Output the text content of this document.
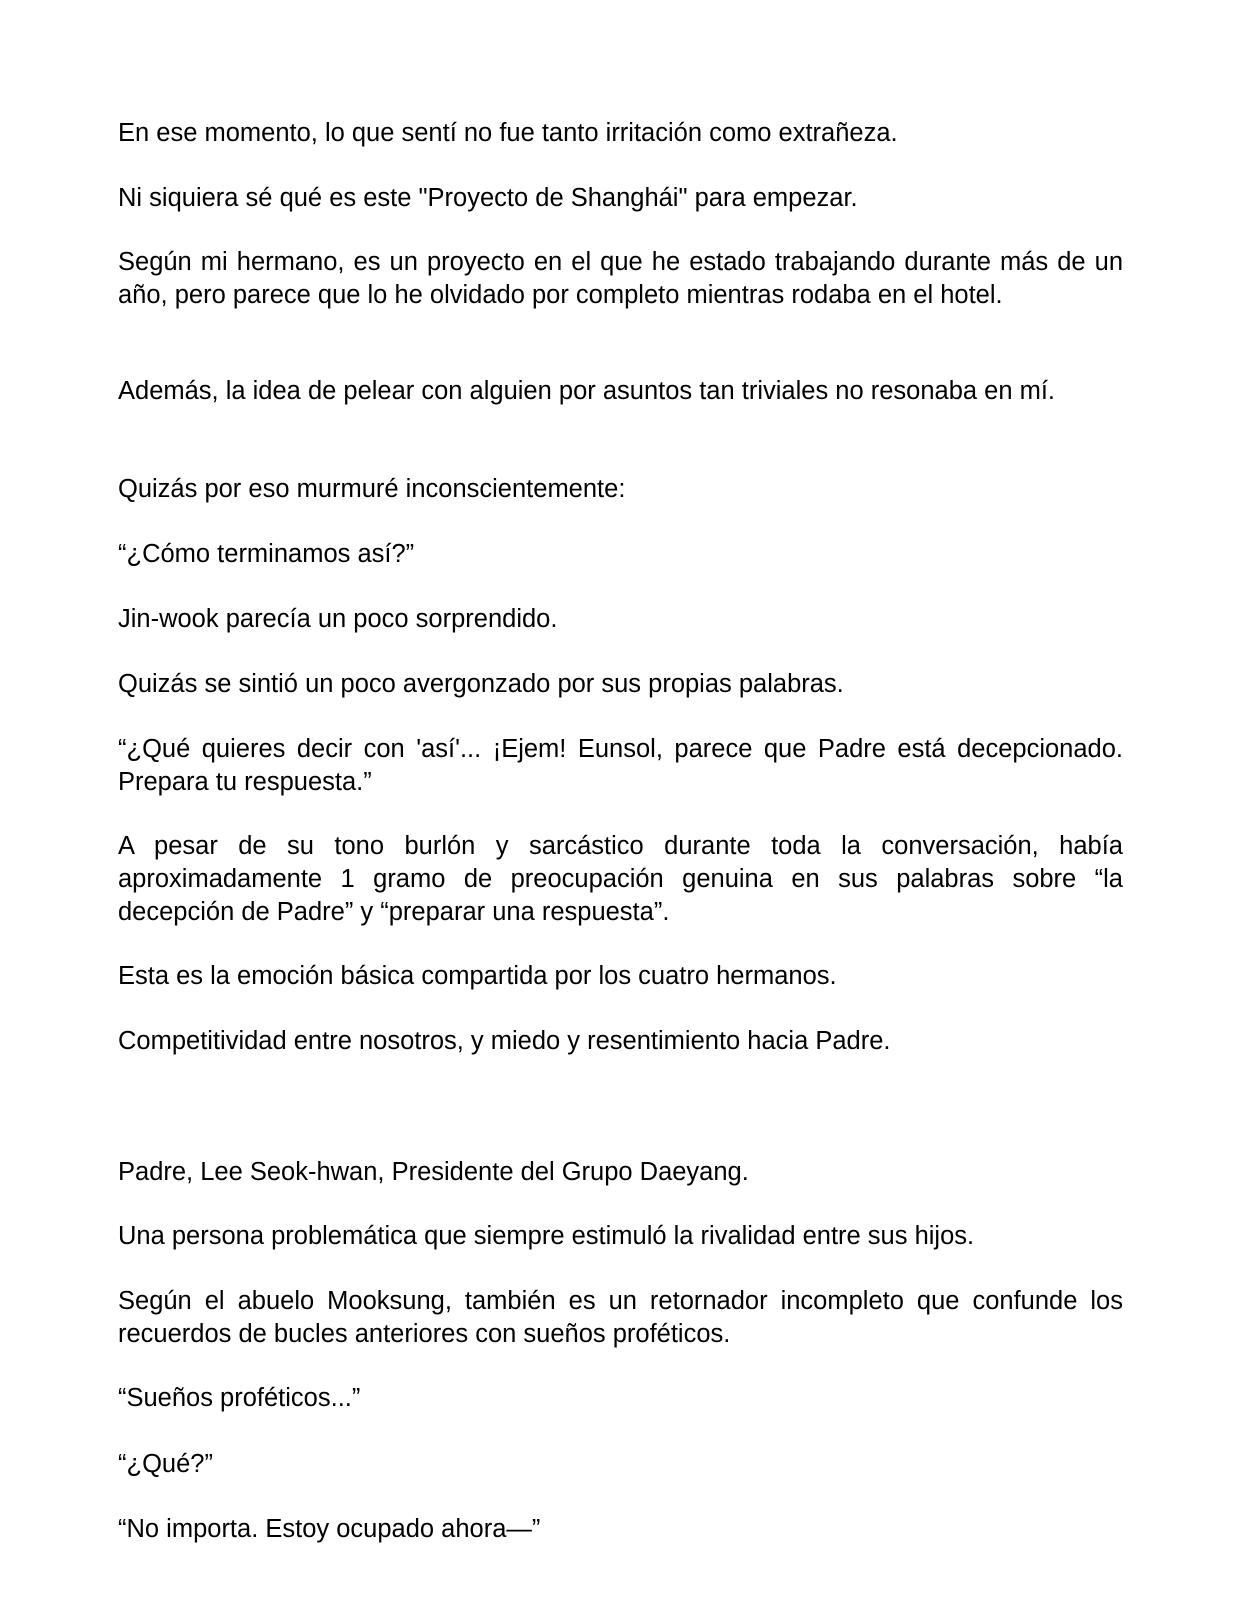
En ese momento, lo que sentí no fue tanto irritación como extrañeza.

Ni siquiera sé qué es este "Proyecto de Shanghái" para empezar.

Según mi hermano, es un proyecto en el que he estado trabajando durante más de un año, pero parece que lo he olvidado por completo mientras rodaba en el hotel.

Además, la idea de pelear con alguien por asuntos tan triviales no resonaba en mí.

Quizás por eso murmuré inconscientemente:

“¿Cómo terminamos así?”

Jin-wook parecía un poco sorprendido.

Quizás se sintió un poco avergonzado por sus propias palabras.

“¿Qué quieres decir con 'así'... ¡Ejem! Eunsol, parece que Padre está decepcionado. Prepara tu respuesta.”

A pesar de su tono burlón y sarcástico durante toda la conversación, había aproximadamente 1 gramo de preocupación genuina en sus palabras sobre “la decepción de Padre” y “preparar una respuesta”.

Esta es la emoción básica compartida por los cuatro hermanos.

Competitividad entre nosotros, y miedo y resentimiento hacia Padre.

Padre, Lee Seok-hwan, Presidente del Grupo Daeyang.

Una persona problemática que siempre estimuló la rivalidad entre sus hijos.

Según el abuelo Mooksung, también es un retornador incompleto que confunde los recuerdos de bucles anteriores con sueños proféticos.

“Sueños proféticos...”

“¿Qué?”

“No importa. Estoy ocupado ahora—”
